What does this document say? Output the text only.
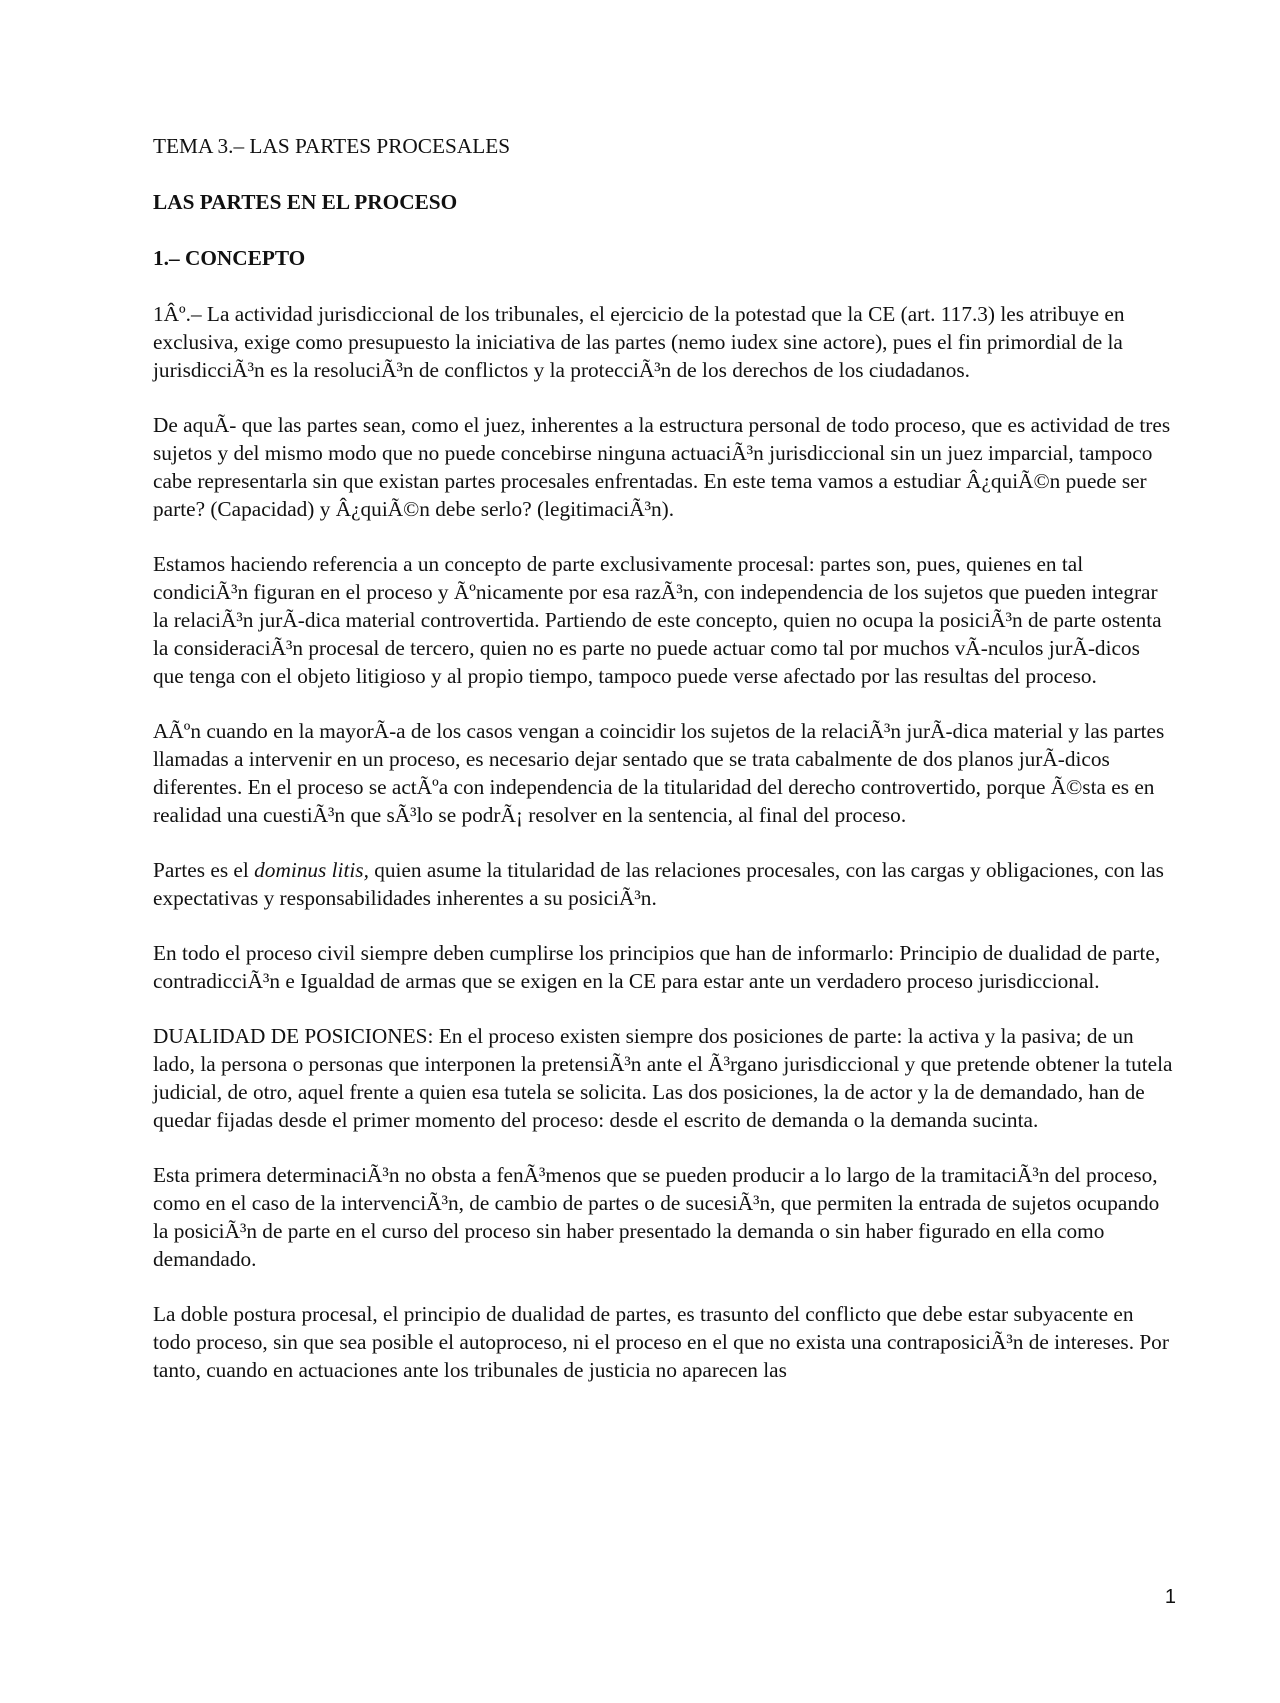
TEMA 3.– LAS PARTES PROCESALES

LAS PARTES EN EL PROCESO

1.– CONCEPTO

1Âº.– La actividad jurisdiccional de los tribunales, el ejercicio de la potestad que la CE (art. 117.3) les atribuye en exclusiva, exige como presupuesto la iniciativa de las partes (nemo iudex sine actore), pues el fin primordial de la jurisdicciÃ³n es la resoluciÃ³n de conflictos y la protecciÃ³n de los derechos de los ciudadanos.

De aquÃ- que las partes sean, como el juez, inherentes a la estructura personal de todo proceso, que es actividad de tres sujetos y del mismo modo que no puede concebirse ninguna actuaciÃ³n jurisdiccional sin un juez imparcial, tampoco cabe representarla sin que existan partes procesales enfrentadas. En este tema vamos a estudiar Â¿quiÃ©n puede ser parte? (Capacidad) y Â¿quiÃ©n debe serlo? (legitimaciÃ³n).

Estamos haciendo referencia a un concepto de parte exclusivamente procesal: partes son, pues, quienes en tal condiciÃ³n figuran en el proceso y Ãºnicamente por esa razÃ³n, con independencia de los sujetos que pueden integrar la relaciÃ³n jurÃ-dica material controvertida. Partiendo de este concepto, quien no ocupa la posiciÃ³n de parte ostenta la consideraciÃ³n procesal de tercero, quien no es parte no puede actuar como tal por muchos vÃ-nculos jurÃ-dicos que tenga con el objeto litigioso y al propio tiempo, tampoco puede verse afectado por las resultas del proceso.

AÃºn cuando en la mayorÃ-a de los casos vengan a coincidir los sujetos de la relaciÃ³n jurÃ-dica material y las partes llamadas a intervenir en un proceso, es necesario dejar sentado que se trata cabalmente de dos planos jurÃ-dicos diferentes. En el proceso se actÃºa con independencia de la titularidad del derecho controvertido, porque Ã©sta es en realidad una cuestiÃ³n que sÃ³lo se podrÃ¡ resolver en la sentencia, al final del proceso.

Partes es el dominus litis, quien asume la titularidad de las relaciones procesales, con las cargas y obligaciones, con las expectativas y responsabilidades inherentes a su posiciÃ³n.

En todo el proceso civil siempre deben cumplirse los principios que han de informarlo: Principio de dualidad de parte, contradicciÃ³n e Igualdad de armas que se exigen en la CE para estar ante un verdadero proceso jurisdiccional.

DUALIDAD DE POSICIONES: En el proceso existen siempre dos posiciones de parte: la activa y la pasiva; de un lado, la persona o personas que interponen la pretensiÃ³n ante el Ã³rgano jurisdiccional y que pretende obtener la tutela judicial, de otro, aquel frente a quien esa tutela se solicita. Las dos posiciones, la de actor y la de demandado, han de quedar fijadas desde el primer momento del proceso: desde el escrito de demanda o la demanda sucinta.

Esta primera determinaciÃ³n no obsta a fenÃ³menos que se pueden producir a lo largo de la tramitaciÃ³n del proceso, como en el caso de la intervenciÃ³n, de cambio de partes o de sucesiÃ³n, que permiten la entrada de sujetos ocupando la posiciÃ³n de parte en el curso del proceso sin haber presentado la demanda o sin haber figurado en ella como demandado.

La doble postura procesal, el principio de dualidad de partes, es trasunto del conflicto que debe estar subyacente en todo proceso, sin que sea posible el autoproceso, ni el proceso en el que no exista una contraposiciÃ³n de intereses. Por tanto, cuando en actuaciones ante los tribunales de justicia no aparecen las

1
